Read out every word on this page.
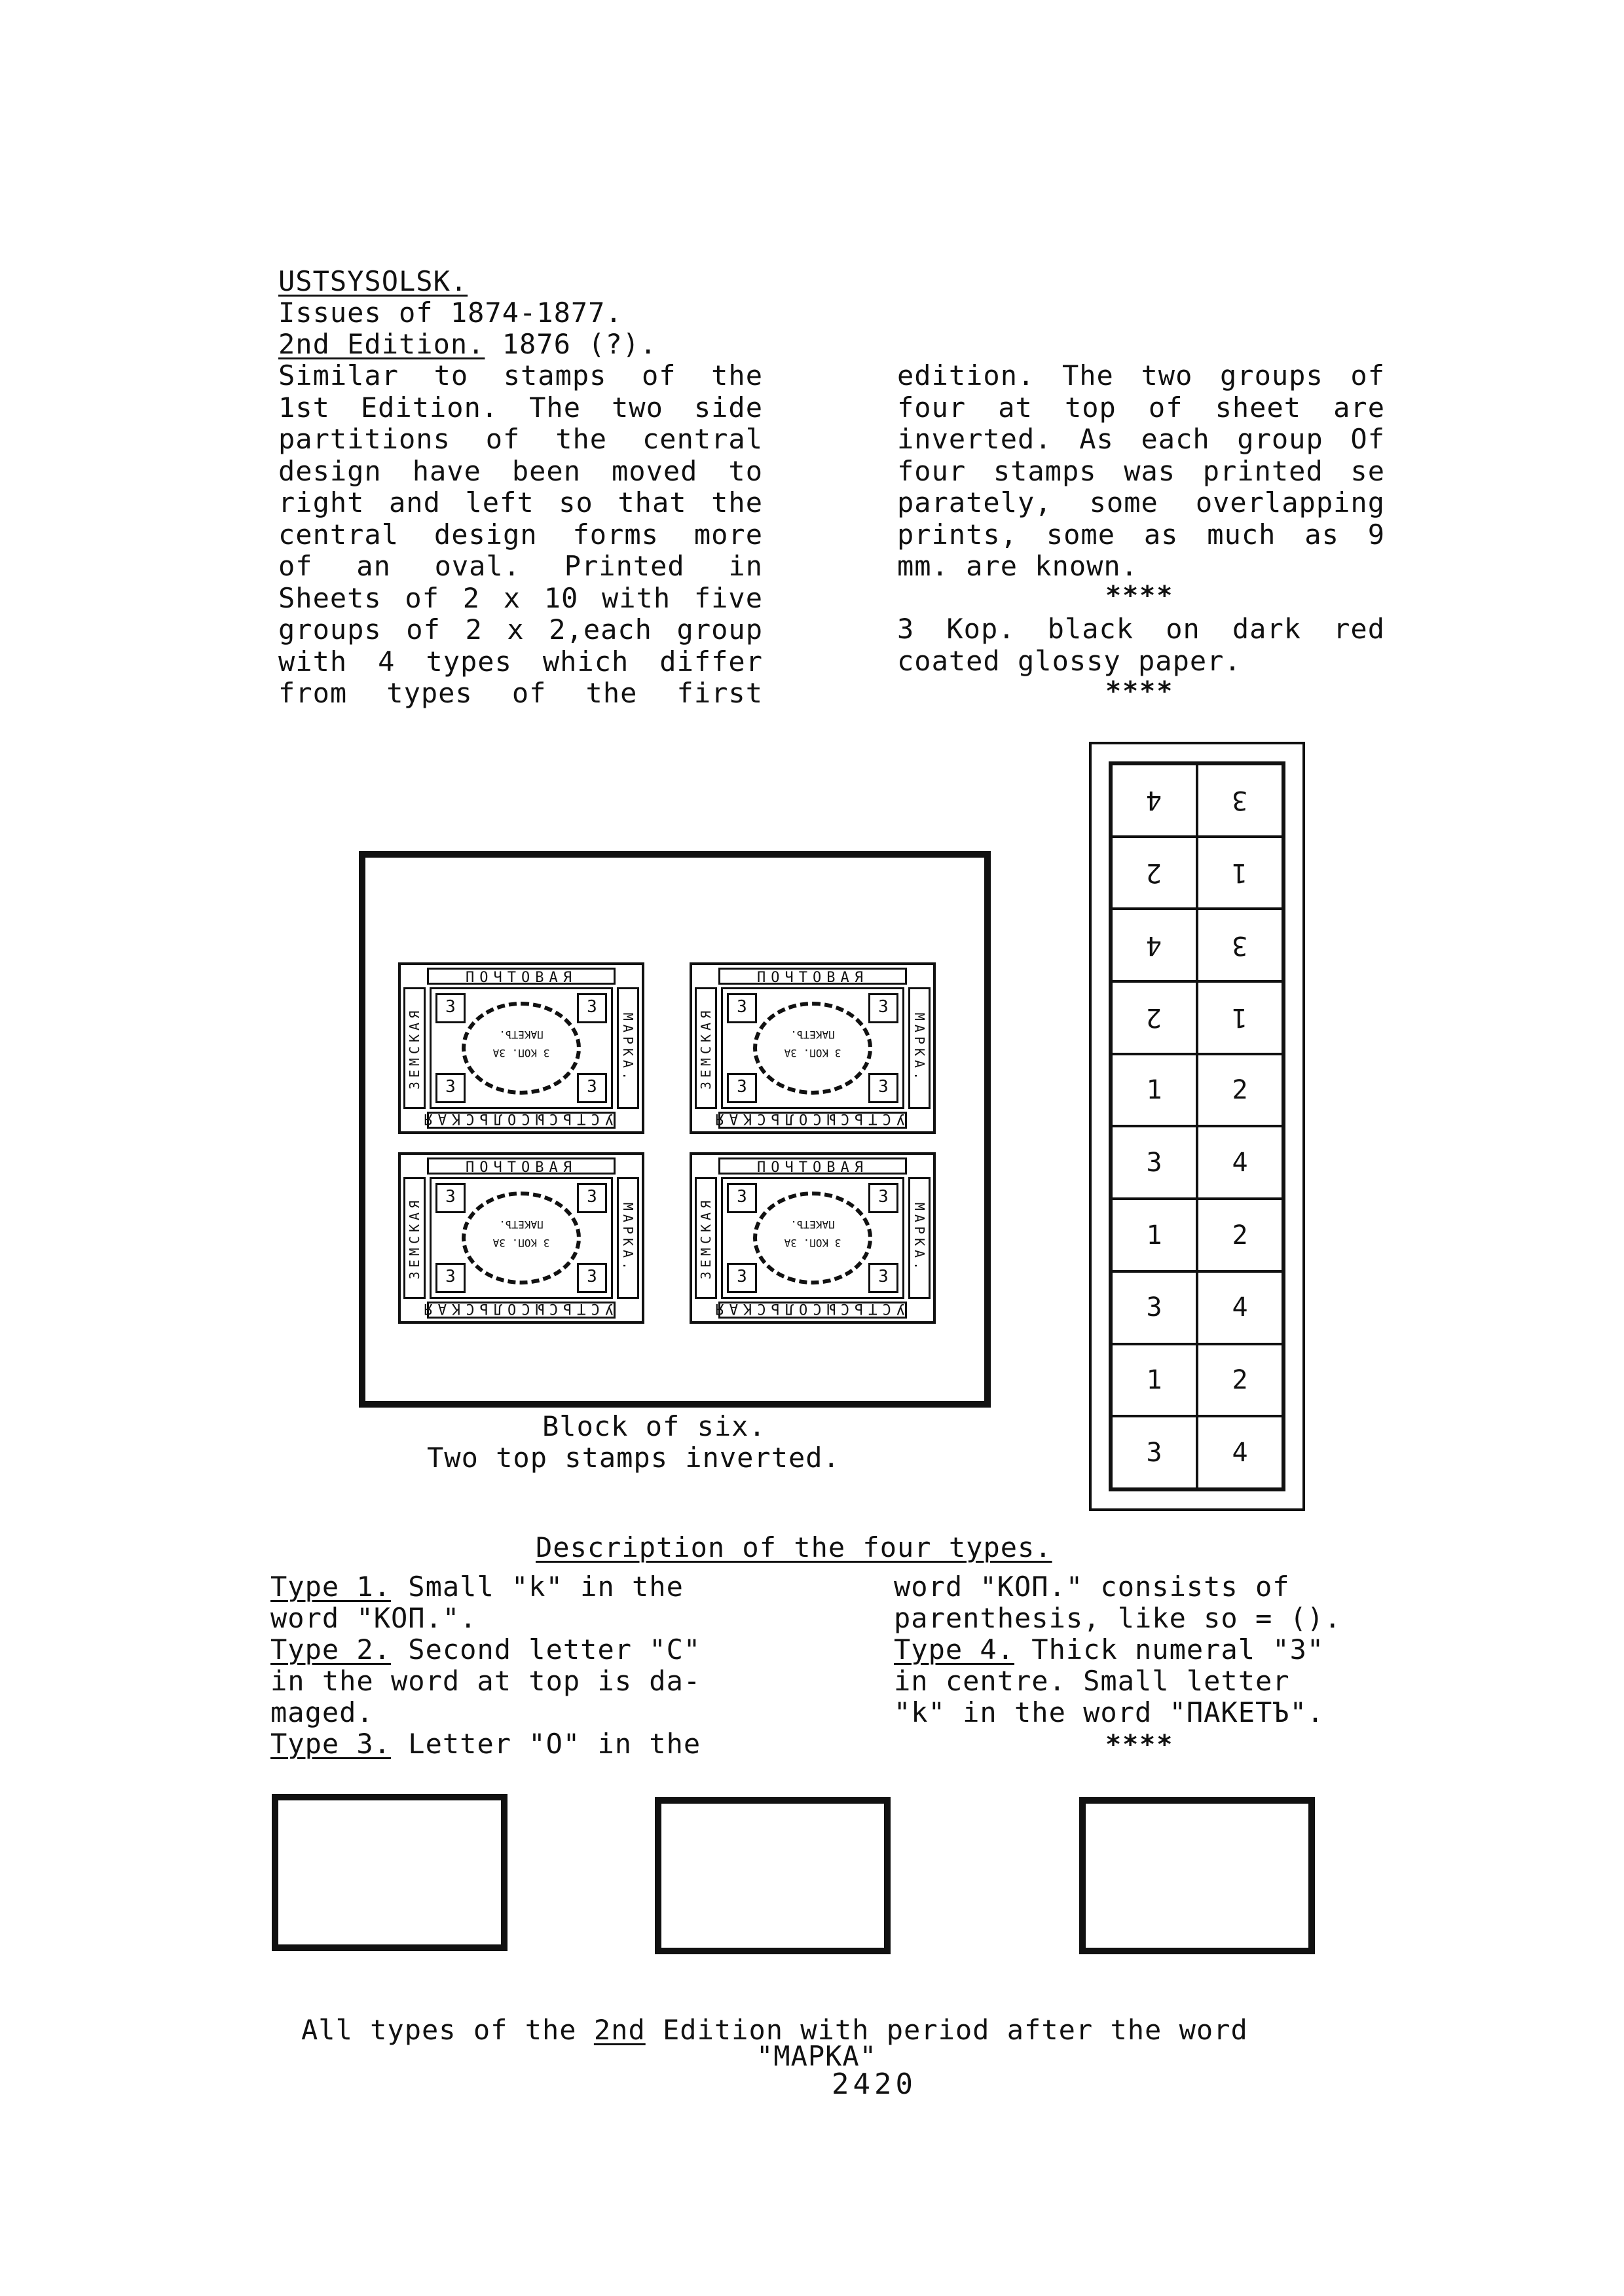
USTSYSOLSK.
Issues of 1874-1877.
2nd Edition. 1876 (?).
Similar to stamps of the
1st Edition. The two side
partitions of the central
design have been moved to
right and left so that the
central design forms more
of an oval. Printed in
Sheets of 2 x 10 with five
groups of 2 x 2,each group
with 4 types which differ
from types of the first
edition. The two groups of
four at top of sheet are
inverted. As each group Of
four stamps was printed se
parately, some overlapping
prints, some as much as 9
mm. are known.
****
3 Kop. black on dark red
coated glossy paper.
****
ПОЧТОВАЯ
ЗЕМСКАЯ	МАРКА.
3	3
3	3
ПАКЕТЪ.
3 КОП. ЗА
УСТЬСЫСОЛЬСКАЯ
ПОЧТОВАЯ
ЗЕМСКАЯ	МАРКА.
3	3
3	3
ПАКЕТЪ.
3 КОП. ЗА
УСТЬСЫСОЛЬСКАЯ
ПОЧТОВАЯ
ЗЕМСКАЯ	МАРКА.
3	3
3	3
ПАКЕТЪ.
3 КОП. ЗА
УСТЬСЫСОЛЬСКАЯ
ПОЧТОВАЯ
ЗЕМСКАЯ	МАРКА.
3	3
3	3
ПАКЕТЪ.
3 КОП. ЗА
УСТЬСЫСОЛЬСКАЯ
Block of six.
Two top stamps inverted.
4	3
2	1
4	3
2	1
1	2
3	4
1	2
3	4
1	2
3	4
Description of the four types.
Type 1. Small "k" in the
word "KOП.".
Type 2. Second letter "C"
in the word at top is da-
maged.
Type 3. Letter "O" in the
word "KOП." consists of
parenthesis, like so = ().
Type 4. Thick numeral "3"
in centre. Small letter
"k" in the word "ПАКЕТЪ".
****
All types of the 2nd Edition with period after the word
"MAPKA"
2420
